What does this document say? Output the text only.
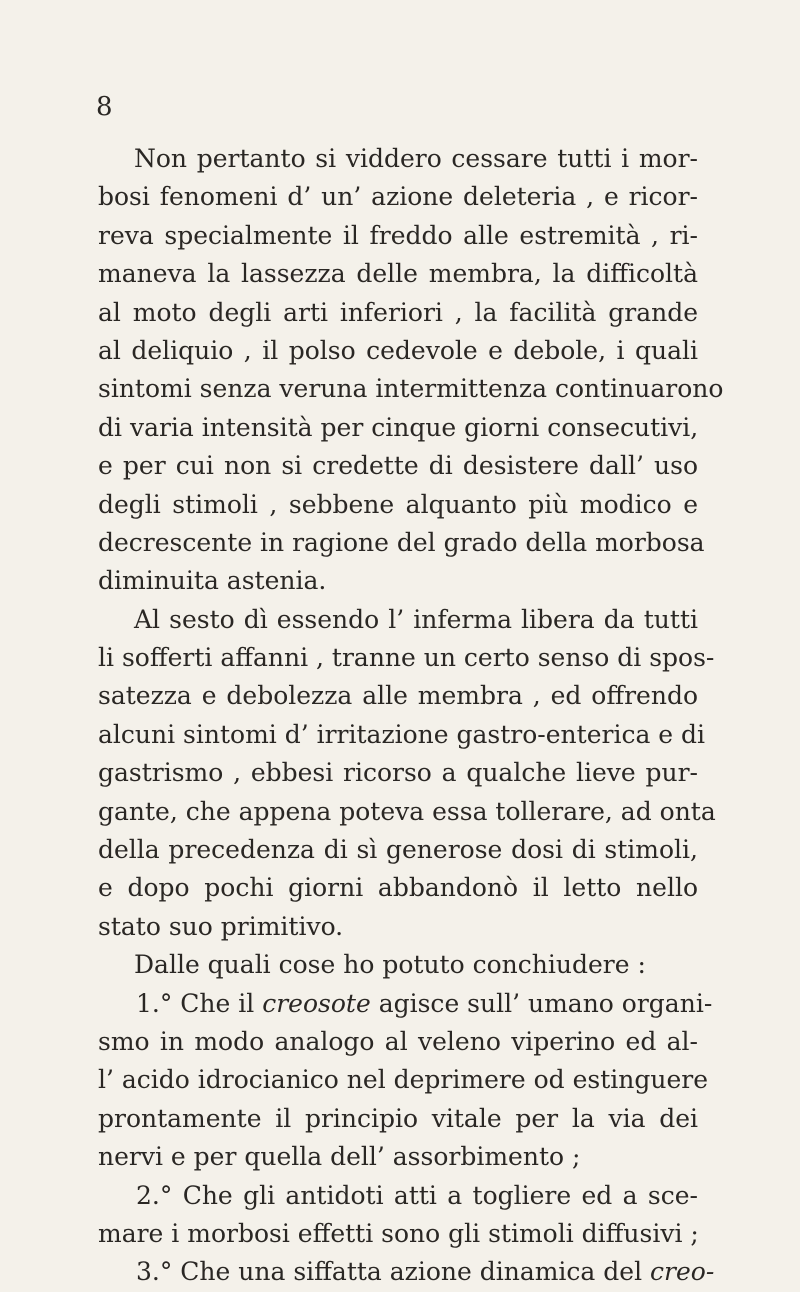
8
Non pertanto si viddero cessare tutti i mor-
bosi fenomeni d’ un’ azione deleteria , e ricor-
reva specialmente il freddo alle estremità , ri-
maneva la lassezza delle membra, la difficoltà
al moto degli arti inferiori , la facilità grande
al deliquio , il polso cedevole e debole, i quali
sintomi senza veruna intermittenza continuarono
di varia intensità per cinque giorni consecutivi,
e per cui non si credette di desistere dall’ uso
degli stimoli , sebbene alquanto più modico e
decrescente in ragione del grado della morbosa
diminuita astenia.
Al sesto dì essendo l’ inferma libera da tutti
li sofferti affanni , tranne un certo senso di spos-
satezza e debolezza alle membra , ed offrendo
alcuni sintomi d’ irritazione gastro-enterica e di
gastrismo , ebbesi ricorso a qualche lieve pur-
gante, che appena poteva essa tollerare, ad onta
della precedenza di sì generose dosi di stimoli,
e dopo pochi giorni abbandonò il letto nello
stato suo primitivo.
Dalle quali cose ho potuto conchiudere :
1.° Che il creosote agisce sull’ umano organi-
smo in modo analogo al veleno viperino ed al-
l’ acido idrocianico nel deprimere od estinguere
prontamente il principio vitale per la via dei
nervi e per quella dell’ assorbimento ;
2.° Che gli antidoti atti a togliere ed a sce-
mare i morbosi effetti sono gli stimoli diffusivi ;
3.° Che una siffatta azione dinamica del creo-
